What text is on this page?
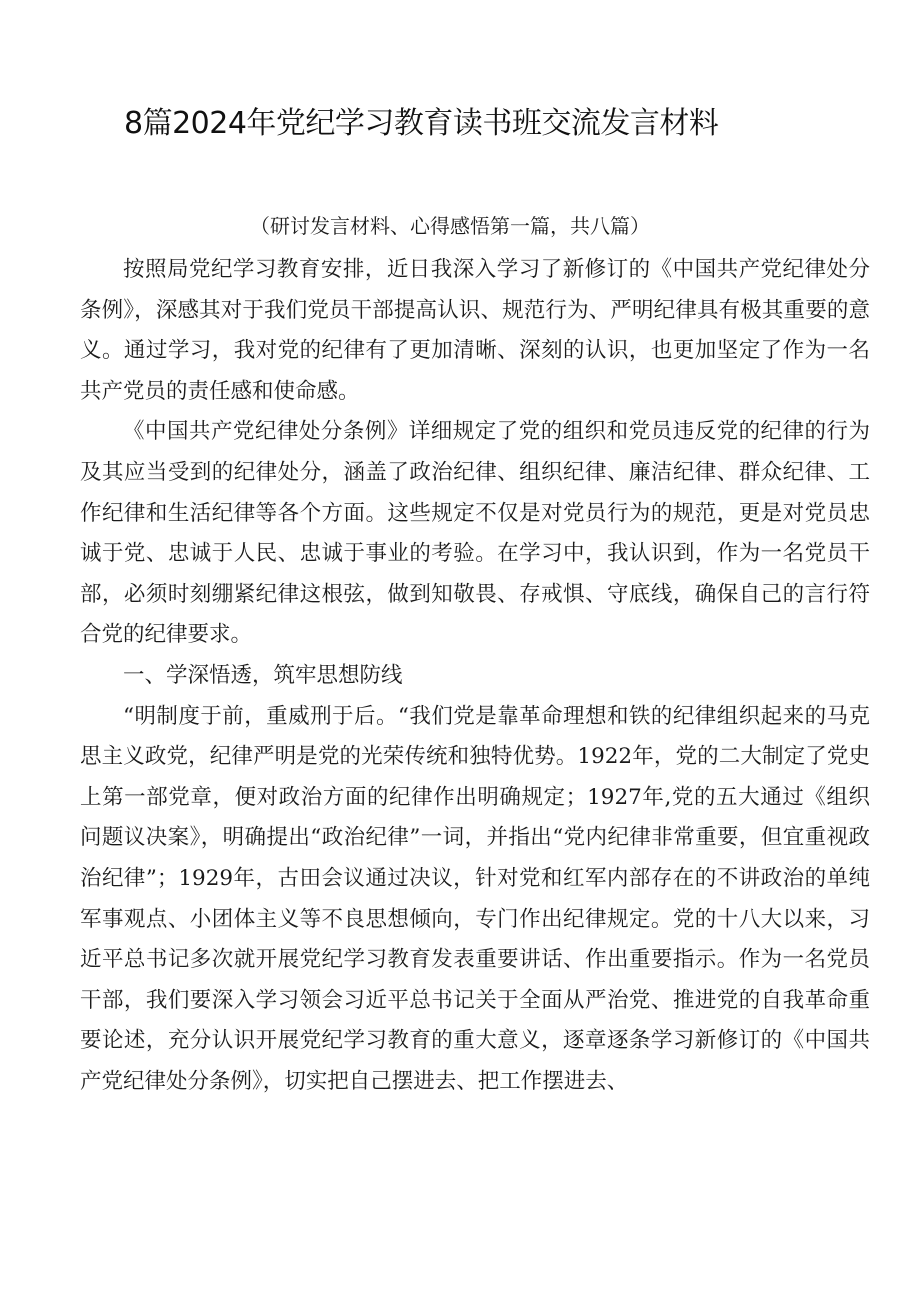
8篇2024年党纪学习教育读书班交流发言材料

（研讨发言材料、心得感悟第一篇，共八篇）

按照局党纪学习教育安排，近日我深入学习了新修订的《中国共产党纪律处分条例》，深感其对于我们党员干部提高认识、规范行为、严明纪律具有极其重要的意义。通过学习，我对党的纪律有了更加清晰、深刻的认识，也更加坚定了作为一名共产党员的责任感和使命感。

《中国共产党纪律处分条例》详细规定了党的组织和党员违反党的纪律的行为及其应当受到的纪律处分，涵盖了政治纪律、组织纪律、廉洁纪律、群众纪律、工作纪律和生活纪律等各个方面。这些规定不仅是对党员行为的规范，更是对党员忠诚于党、忠诚于人民、忠诚于事业的考验。在学习中，我认识到，作为一名党员干部，必须时刻绷紧纪律这根弦，做到知敬畏、存戒惧、守底线，确保自己的言行符合党的纪律要求。

一、学深悟透，筑牢思想防线

“明制度于前，重威刑于后。“我们党是靠革命理想和铁的纪律组织起来的马克思主义政党，纪律严明是党的光荣传统和独特优势。1922年，党的二大制定了党史上第一部党章，便对政治方面的纪律作出明确规定；1927年,党的五大通过《组织问题议决案》，明确提出“政治纪律”一词，并指出“党内纪律非常重要，但宜重视政治纪律”；1929年，古田会议通过决议，针对党和红军内部存在的不讲政治的单纯军事观点、小团体主义等不良思想倾向，专门作出纪律规定。党的十八大以来，习近平总书记多次就开展党纪学习教育发表重要讲话、作出重要指示。作为一名党员干部，我们要深入学习领会习近平总书记关于全面从严治党、推进党的自我革命重要论述，充分认识开展党纪学习教育的重大意义，逐章逐条学习新修订的《中国共产党纪律处分条例》，切实把自己摆进去、把工作摆进去、
